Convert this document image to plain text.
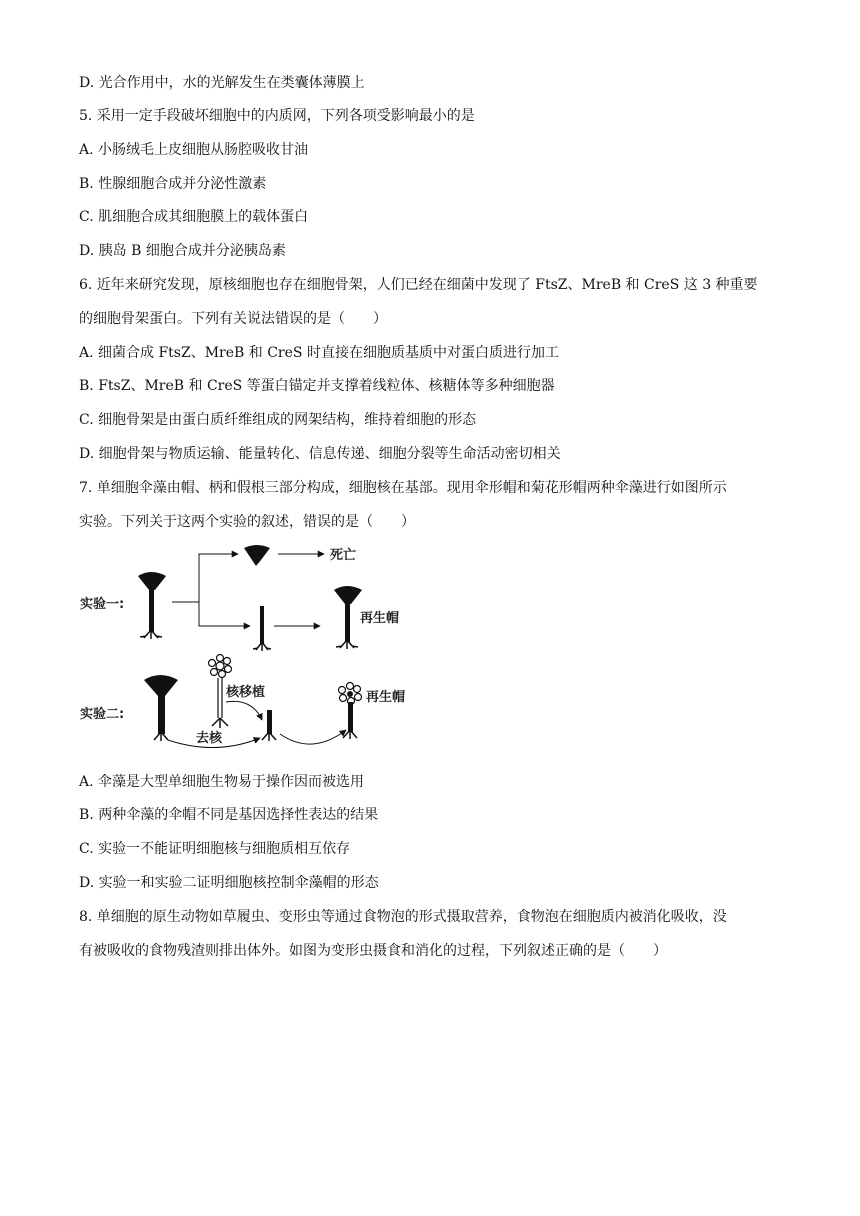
D. 光合作用中，水的光解发生在类囊体薄膜上
5. 采用一定手段破坏细胞中的内质网，下列各项受影响最小的是
A. 小肠绒毛上皮细胞从肠腔吸收甘油
B. 性腺细胞合成并分泌性激素
C. 肌细胞合成其细胞膜上的载体蛋白
D. 胰岛 B 细胞合成并分泌胰岛素
6. 近年来研究发现，原核细胞也存在细胞骨架，人们已经在细菌中发现了 FtsZ、MreB 和 CreS 这 3 种重要
的细胞骨架蛋白。下列有关说法错误的是（　　）
A. 细菌合成 FtsZ、MreB 和 CreS 时直接在细胞质基质中对蛋白质进行加工
B. FtsZ、MreB 和 CreS 等蛋白锚定并支撑着线粒体、核糖体等多种细胞器
C. 细胞骨架是由蛋白质纤维组成的网架结构，维持着细胞的形态
D. 细胞骨架与物质运输、能量转化、信息传递、细胞分裂等生命活动密切相关
7. 单细胞伞藻由帽、柄和假根三部分构成，细胞核在基部。现用伞形帽和菊花形帽两种伞藻进行如图所示
实验。下列关于这两个实验的叙述，错误的是（　　）
A. 伞藻是大型单细胞生物易于操作因而被选用
B. 两种伞藻的伞帽不同是基因选择性表达的结果
C. 实验一不能证明细胞核与细胞质相互依存
D. 实验一和实验二证明细胞核控制伞藻帽的形态
8. 单细胞的原生动物如草履虫、变形虫等通过食物泡的形式摄取营养，食物泡在细胞质内被消化吸收，没
有被吸收的食物残渣则排出体外。如图为变形虫摄食和消化的过程，下列叙述正确的是（　　）
实验一:
死亡
再生帽
实验二:
核移植
去核
再生帽
